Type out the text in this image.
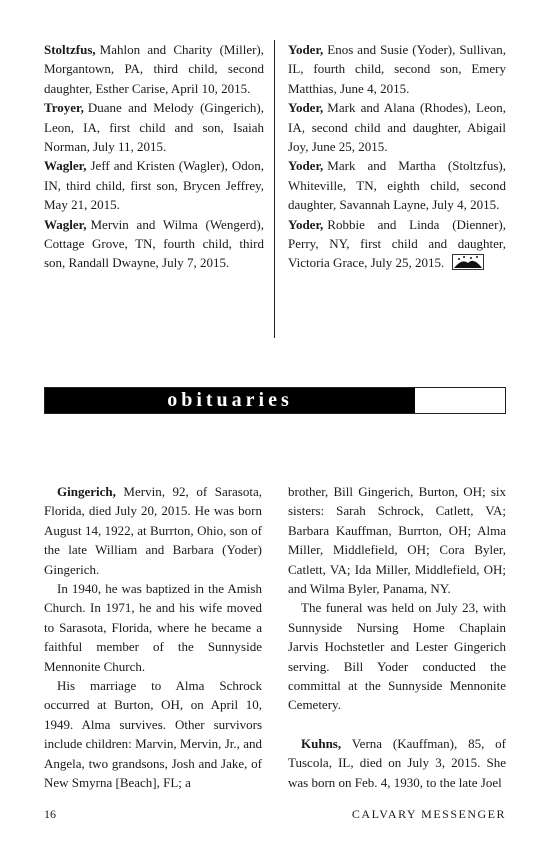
Stoltzfus, Mahlon and Charity (Miller), Morgantown, PA, third child, second daughter, Esther Carise, April 10, 2015.

Troyer, Duane and Melody (Gingerich), Leon, IA, first child and son, Isaiah Norman, July 11, 2015.

Wagler, Jeff and Kristen (Wagler), Odon, IN, third child, first son, Brycen Jeffrey, May 21, 2015.

Wagler, Mervin and Wilma (Wengerd), Cottage Grove, TN, fourth child, third son, Randall Dwayne, July 7, 2015.

Yoder, Enos and Susie (Yoder), Sullivan, IL, fourth child, second son, Emery Matthias, June 4, 2015.

Yoder, Mark and Alana (Rhodes), Leon, IA, second child and daughter, Abigail Joy, June 25, 2015.

Yoder, Mark and Martha (Stoltzfus), Whiteville, TN, eighth child, second daughter, Savannah Layne, July 4, 2015.

Yoder, Robbie and Linda (Dienner), Perry, NY, first child and daughter, Victoria Grace, July 25, 2015.

obituaries

Gingerich, Mervin, 92, of Sarasota, Florida, died July 20, 2015. He was born August 14, 1922, at Burrton, Ohio, son of the late William and Barbara (Yoder) Gingerich.

In 1940, he was baptized in the Amish Church. In 1971, he and his wife moved to Sarasota, Florida, where he became a faithful member of the Sunnyside Mennonite Church.

His marriage to Alma Schrock occurred at Burton, OH, on April 10, 1949. Alma survives. Other survivors include children: Marvin, Mervin, Jr., and Angela, two grandsons, Josh and Jake, of New Smyrna [Beach], FL; a

brother, Bill Gingerich, Burton, OH; six sisters: Sarah Schrock, Catlett, VA; Barbara Kauffman, Burrton, OH; Alma Miller, Middlefield, OH; Cora Byler, Catlett, VA; Ida Miller, Middlefield, OH; and Wilma Byler, Panama, NY.

The funeral was held on July 23, with Sunnyside Nursing Home Chaplain Jarvis Hochstetler and Lester Gingerich serving. Bill Yoder conducted the committal at the Sunnyside Mennonite Cemetery.

Kuhns, Verna (Kauffman), 85, of Tuscola, IL, died on July 3, 2015. She was born on Feb. 4, 1930, to the late Joel

16	CALVARY MESSENGER
